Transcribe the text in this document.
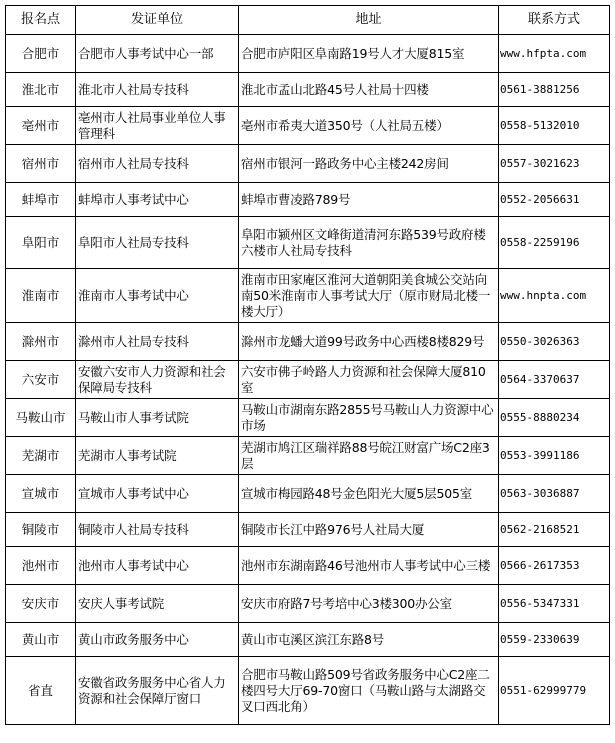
报名点	发证单位	地址	联系方式
合肥市	合肥市人事考试中心一部	合肥市庐阳区阜南路19号人才大厦815室	www.hfpta.com
淮北市	淮北市人社局专技科	淮北市孟山北路45号人社局十四楼	0561-3881256
亳州市	亳州市人社局事业单位人事管理科	亳州市希夷大道350号（人社局五楼）	0558-5132010
宿州市	宿州市人社局专技科	宿州市银河一路政务中心主楼242房间	0557-3021623
蚌埠市	蚌埠市人事考试中心	蚌埠市曹凌路789号	0552-2056631
阜阳市	阜阳市人社局专技科	阜阳市颍州区文峰街道清河东路539号政府楼六楼市人社局专技科	0558-2259196
淮南市	淮南市人事考试中心	淮南市田家庵区淮河大道朝阳美食城公交站向南50米淮南市人事考试大厅（原市财局北楼一楼大厅）	www.hnpta.com
滁州市	滁州市人社局专技科	滁州市龙蟠大道99号政务中心西楼8楼829号	0550-3026363
六安市	安徽六安市人力资源和社会保障局专技科	六安市佛子岭路人力资源和社会保障大厦810室	0564-3370637
马鞍山市	马鞍山市人事考试院	马鞍山市湖南东路2855号马鞍山人力资源中心市场	0555-8880234
芜湖市	芜湖市人事考试院	芜湖市鸠江区瑞祥路88号皖江财富广场C2座3层	0553-3991186
宣城市	宣城市人事考试中心	宣城市梅园路48号金色阳光大厦5层505室	0563-3036887
铜陵市	铜陵市人社局专技科	铜陵市长江中路976号人社局大厦	0562-2168521
池州市	池州市人事考试中心	池州市东湖南路46号池州市人事考试中心三楼	0566-2617353
安庆市	安庆人事考试院	安庆市府路7号考培中心3楼300办公室	0556-5347331
黄山市	黄山市政务服务中心	黄山市屯溪区滨江东路8号	0559-2330639
省直	安徽省政务服务中心省人力资源和社会保障厅窗口	合肥市马鞍山路509号省政务服务中心C2座二楼四号大厅69-70窗口（马鞍山路与太湖路交叉口西北角）	0551-62999779
